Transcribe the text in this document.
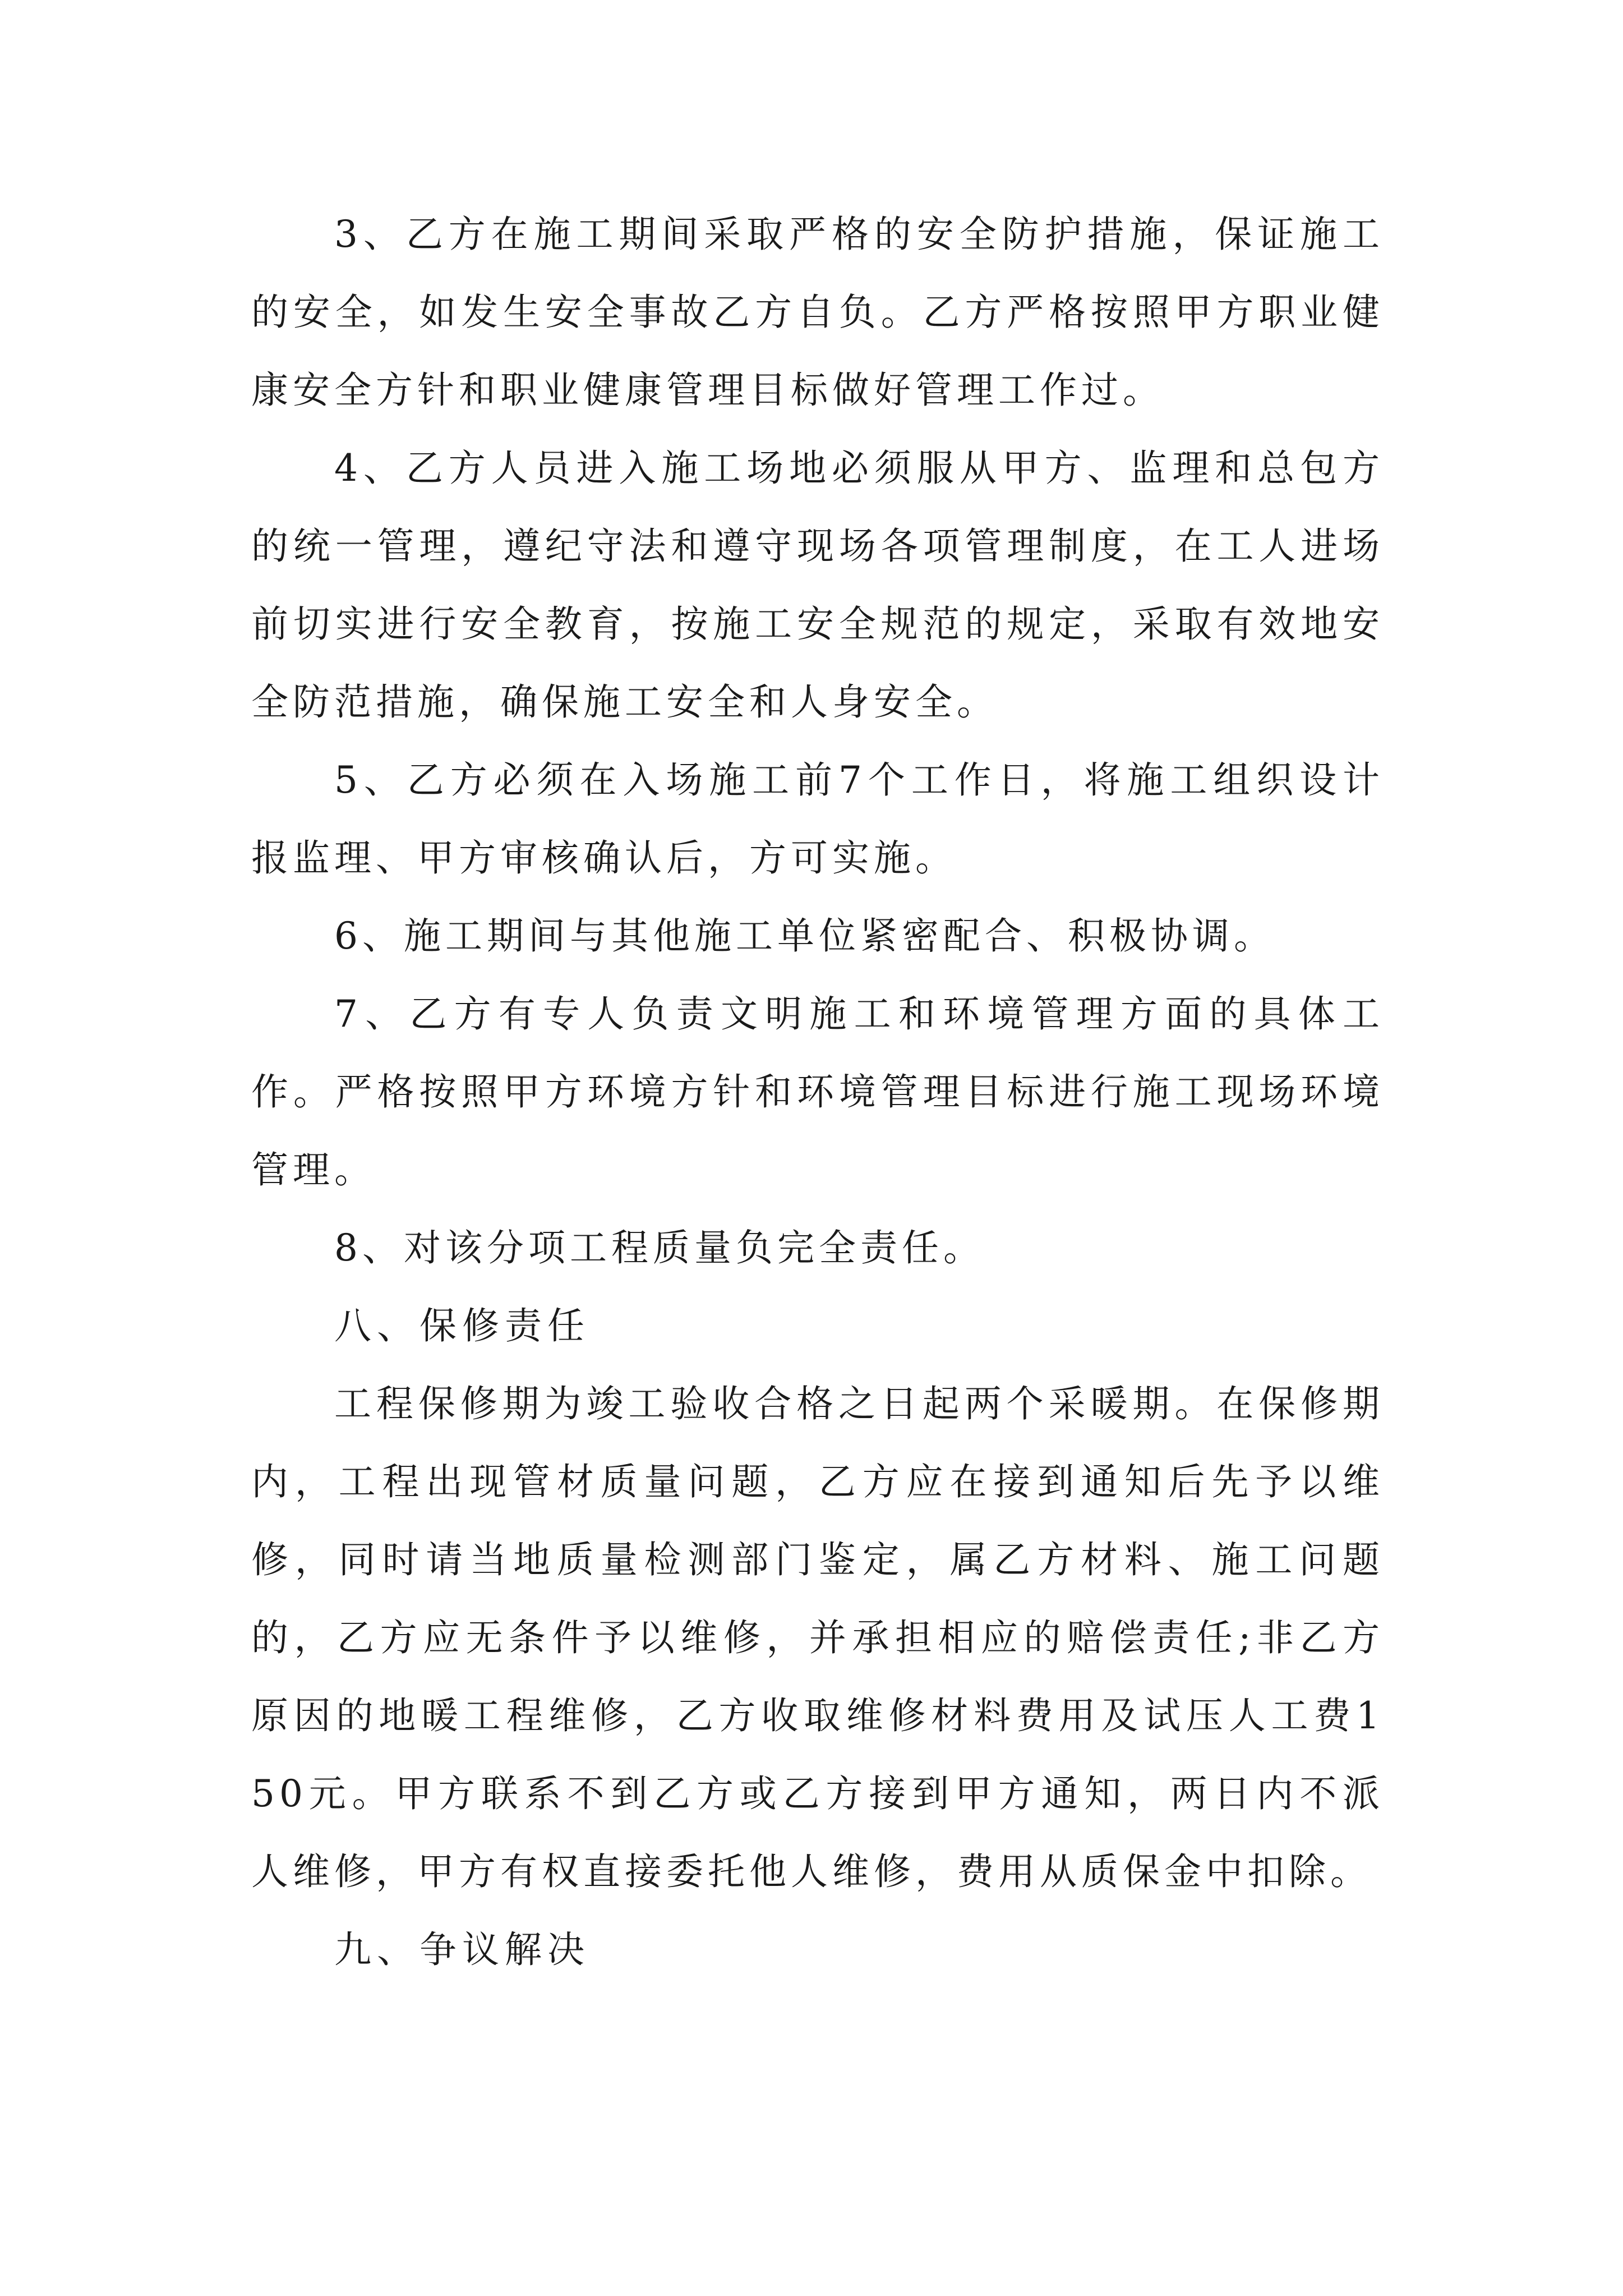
3、乙方在施工期间采取严格的安全防护措施，保证施工的安全，如发生安全事故乙方自负。乙方严格按照甲方职业健康安全方针和职业健康管理目标做好管理工作过。

4、乙方人员进入施工场地必须服从甲方、监理和总包方的统一管理，遵纪守法和遵守现场各项管理制度，在工人进场前切实进行安全教育，按施工安全规范的规定，采取有效地安全防范措施，确保施工安全和人身安全。

5、乙方必须在入场施工前7个工作日，将施工组织设计报监理、甲方审核确认后，方可实施。

6、施工期间与其他施工单位紧密配合、积极协调。

7、乙方有专人负责文明施工和环境管理方面的具体工作。严格按照甲方环境方针和环境管理目标进行施工现场环境管理。

8、对该分项工程质量负完全责任。

八、保修责任

工程保修期为竣工验收合格之日起两个采暖期。在保修期内，工程出现管材质量问题，乙方应在接到通知后先予以维修，同时请当地质量检测部门鉴定，属乙方材料、施工问题的，乙方应无条件予以维修，并承担相应的赔偿责任;非乙方原因的地暖工程维修，乙方收取维修材料费用及试压人工费150元。甲方联系不到乙方或乙方接到甲方通知，两日内不派人维修，甲方有权直接委托他人维修，费用从质保金中扣除。

九、争议解决
